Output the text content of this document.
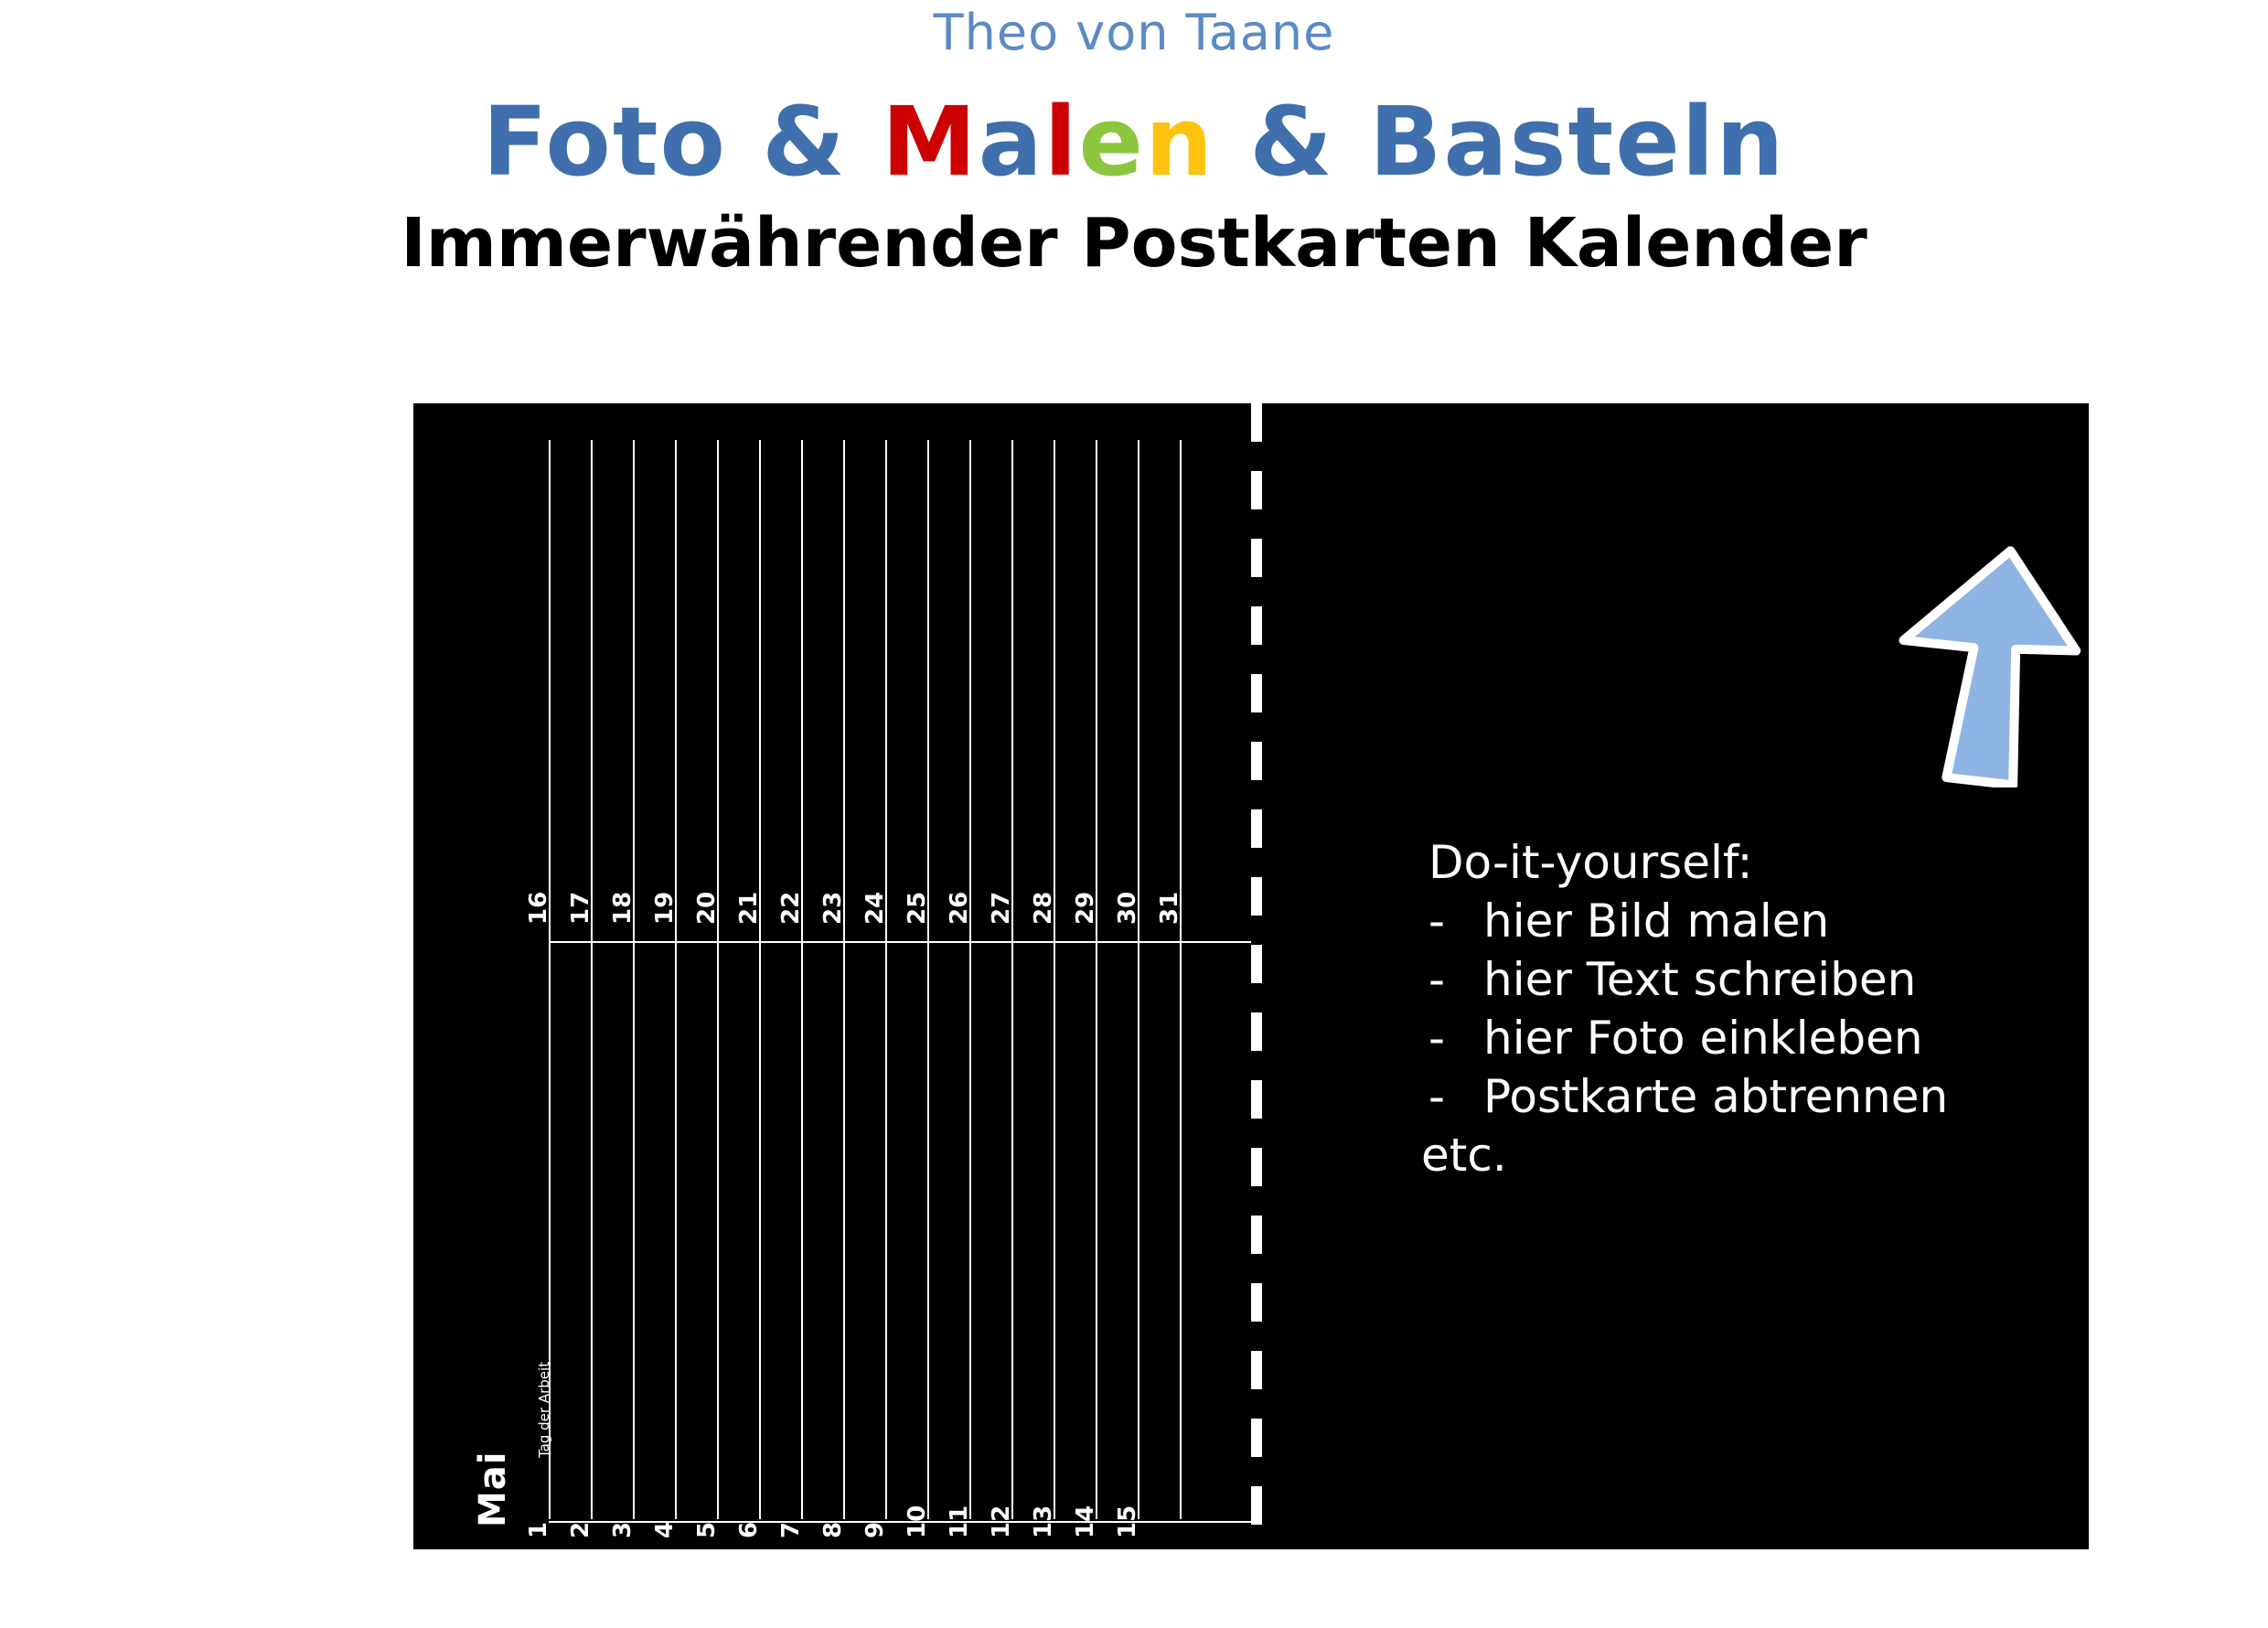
Theo von Taane
Foto & Malen & Basteln
Immerwährender Postkarten Kalender
Mai
Tag der Arbeit
1
16
2
17
3
18
4
19
5
20
6
21
7
22
8
23
9
24
10
25
11
26
12
27
13
28
14
29
15
30 31
Do-it-yourself:
- hier Bild malen
- hier Text schreiben
- hier Foto einkleben
- Postkarte abtrennen
etc.
